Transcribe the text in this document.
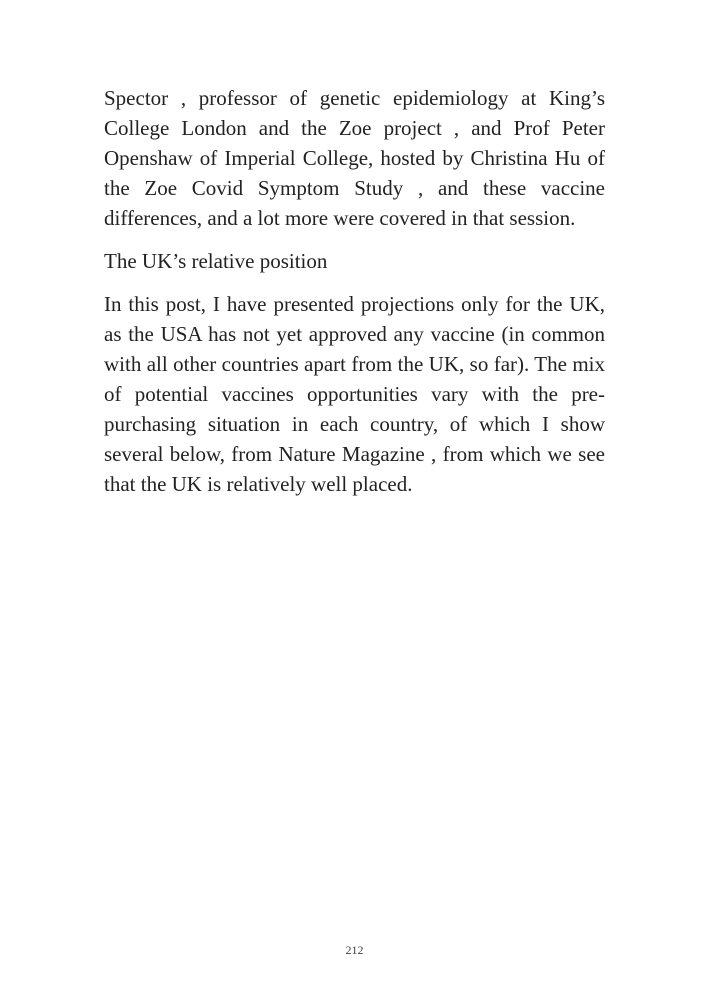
Spector , professor of genetic epidemiology at King’s College London and the Zoe project , and Prof Peter Openshaw of Imperial College, hosted by Christina Hu of the Zoe Covid Symptom Study , and these vaccine differences, and a lot more were covered in that session.

The UK’s relative position

In this post, I have presented projections only for the UK, as the USA has not yet approved any vaccine (in common with all other countries apart from the UK, so far). The mix of potential vaccines opportunities vary with the pre-purchasing situation in each country, of which I show several below, from Nature Magazine , from which we see that the UK is relatively well placed.

212
